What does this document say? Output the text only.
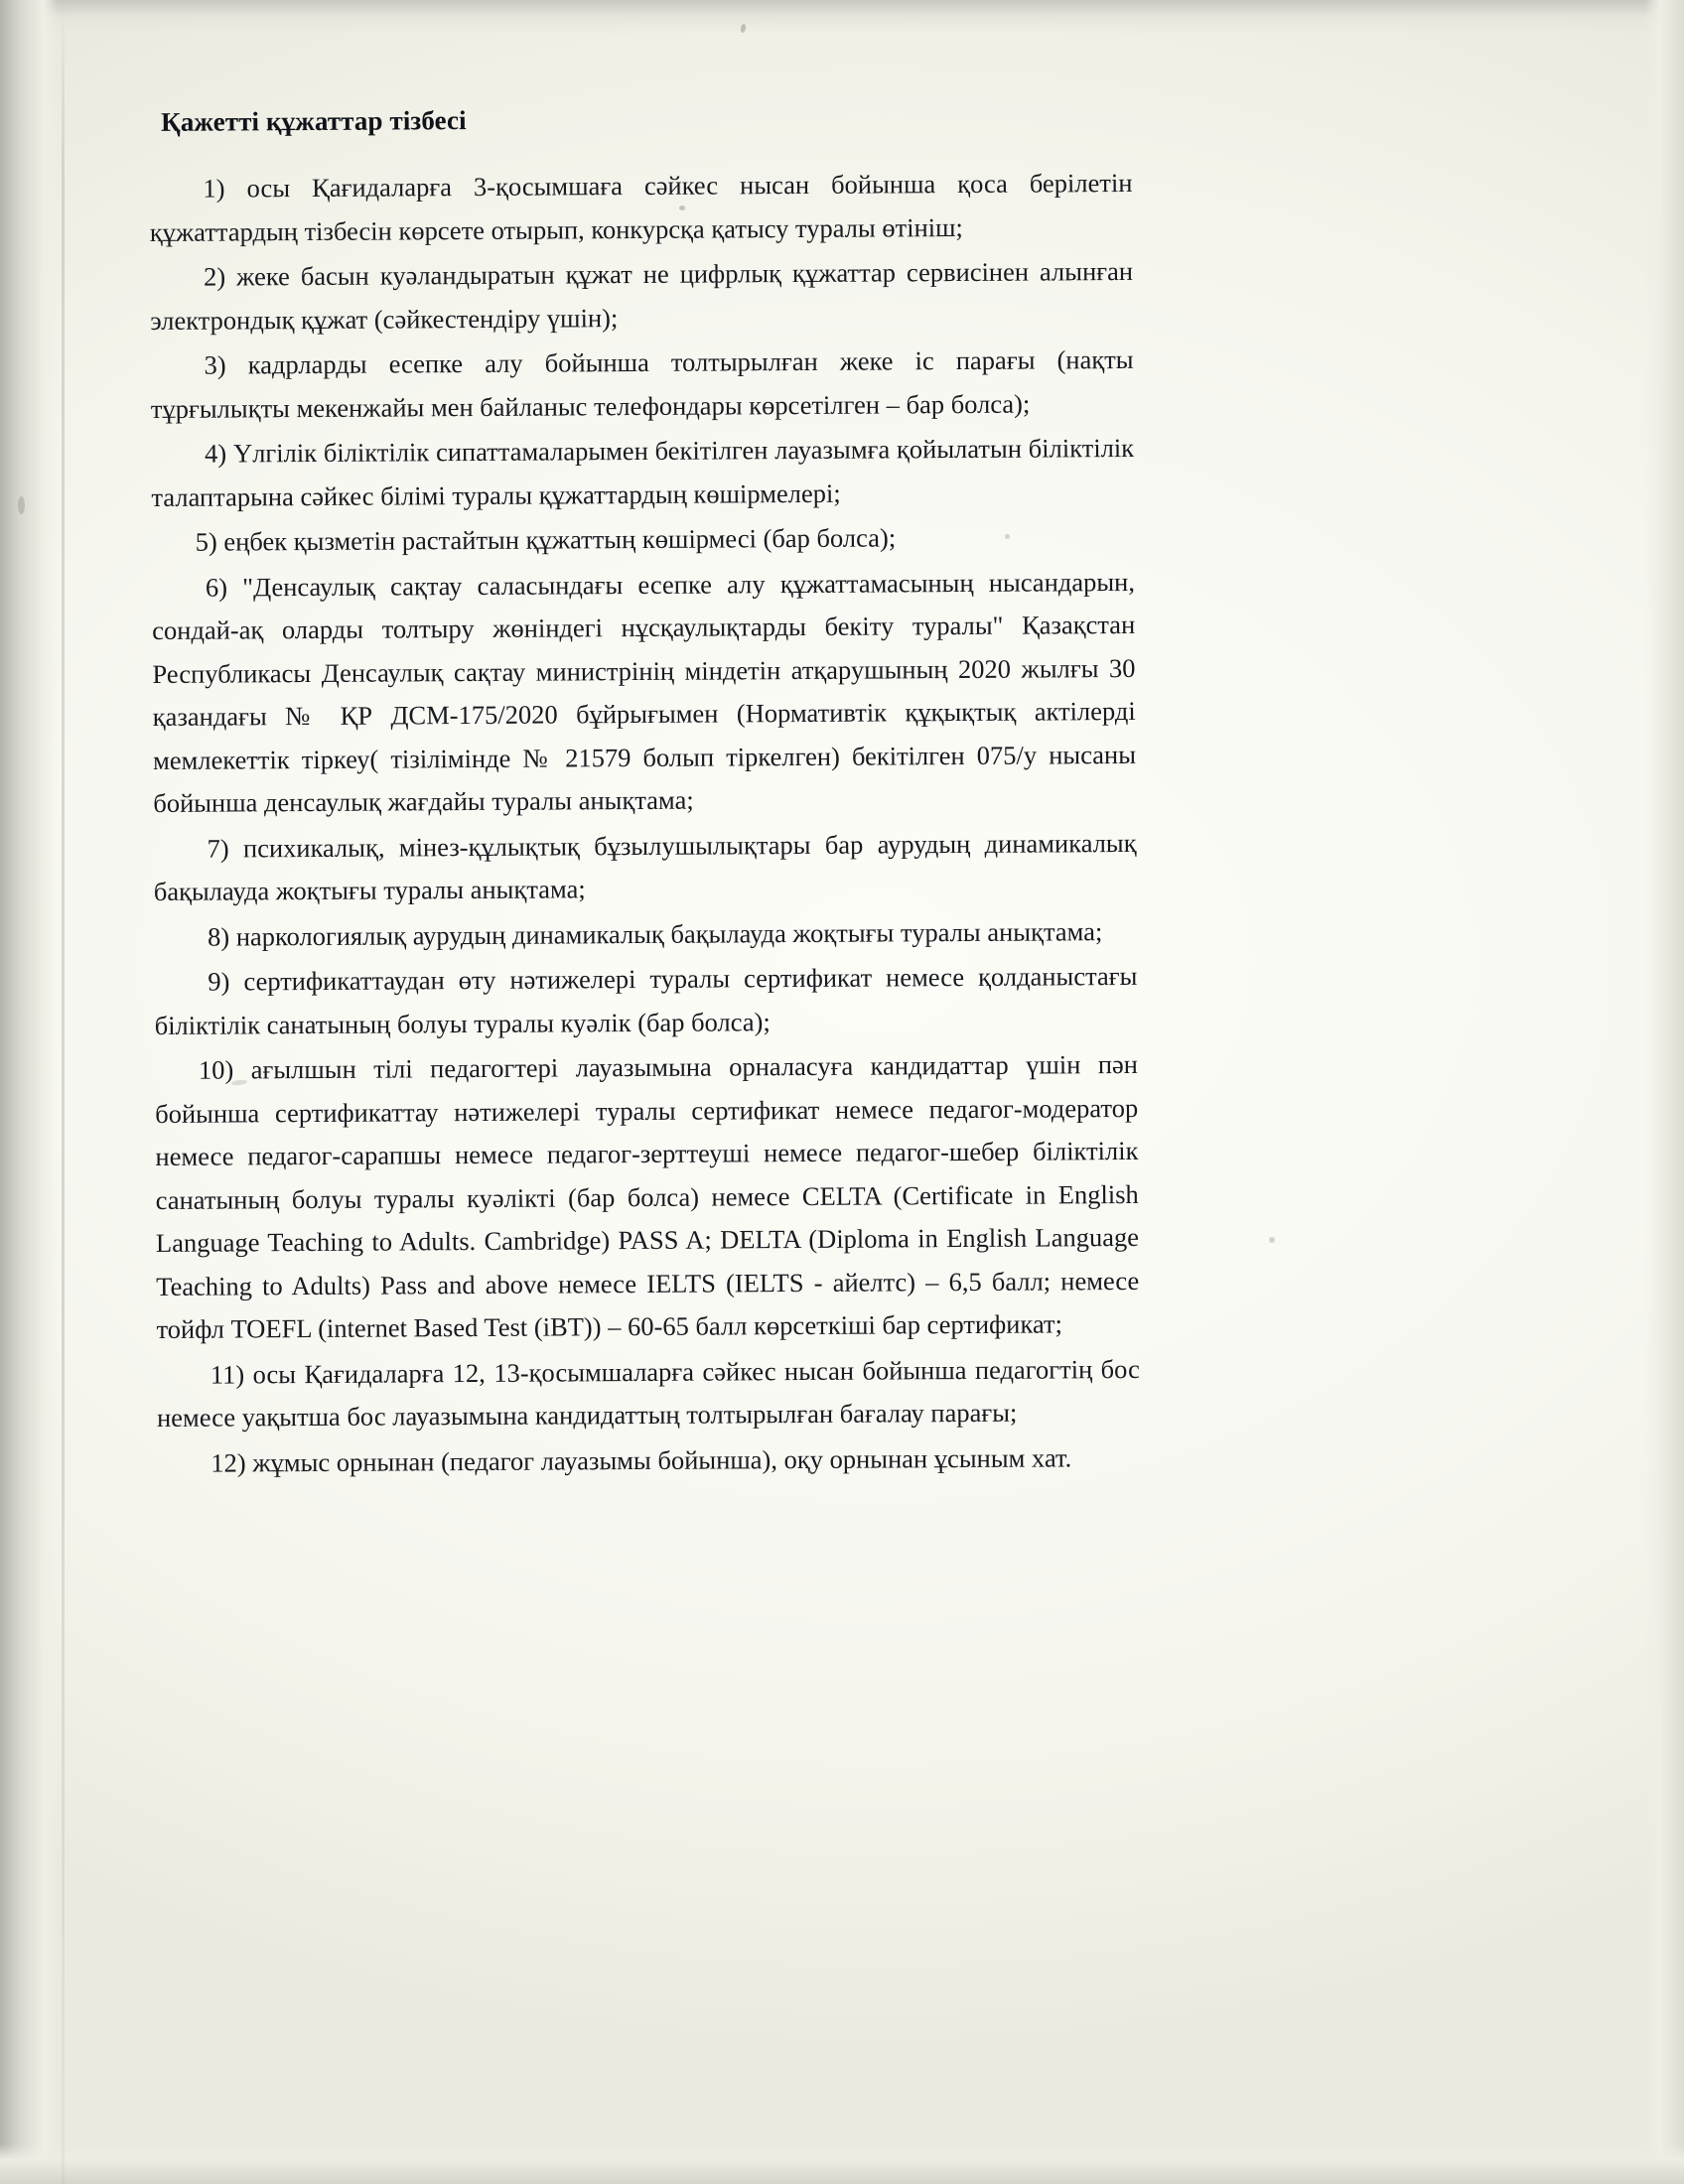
Қажетті құжаттар тізбесі

1) осы Қағидаларға 3-қосымшаға сәйкес нысан бойынша қоса берілетін құжаттардың тізбесін көрсете отырып, конкурсқа қатысу туралы өтініш;

2) жеке басын куәландыратын құжат не цифрлық құжаттар сервисінен алынған электрондық құжат (сәйкестендіру үшін);

3) кадрларды есепке алу бойынша толтырылған жеке іс парағы (нақты тұрғылықты мекенжайы мен байланыс телефондары көрсетілген – бар болса);

4) Үлгілік біліктілік сипаттамаларымен бекітілген лауазымға қойылатын біліктілік талаптарына сәйкес білімі туралы құжаттардың көшірмелері;

5) еңбек қызметін растайтын құжаттың көшірмесі (бар болса);

6) "Денсаулық сақтау саласындағы есепке алу құжаттамасының нысандарын, сондай-ақ оларды толтыру жөніндегі нұсқаулықтарды бекіту туралы" Қазақстан Республикасы Денсаулық сақтау министрінің міндетін атқарушының 2020 жылғы 30 қазандағы № ҚР ДСМ-175/2020 бұйрығымен (Нормативтік құқықтық актілерді мемлекеттік тіркеу( тізілімінде № 21579 болып тіркелген) бекітілген 075/у нысаны бойынша денсаулық жағдайы туралы анықтама;

7) психикалық, мінез-құлықтық бұзылушылықтары бар аурудың динамикалық бақылауда жоқтығы туралы анықтама;

8) наркологиялық аурудың динамикалық бақылауда жоқтығы туралы анықтама;

9) сертификаттаудан өту нәтижелері туралы сертификат немесе қолданыстағы біліктілік санатының болуы туралы куәлік (бар болса);

10) ағылшын тілі педагогтері лауазымына орналасуға кандидаттар үшін пән бойынша сертификаттау нәтижелері туралы сертификат немесе педагог-модератор немесе педагог-сарапшы немесе педагог-зерттеуші немесе педагог-шебер біліктілік санатының болуы туралы куәлікті (бар болса) немесе CELTA (Certificate in English Language Teaching to Adults. Cambridge) PASS A; DELTA (Diploma in English Language Teaching to Adults) Pass and above немесе IELTS (IELTS - айелтс) – 6,5 балл; немесе тойфл TOEFL (internet Based Test (iBT)) – 60-65 балл көрсеткіші бар сертификат;

11) осы Қағидаларға 12, 13-қосымшаларға сәйкес нысан бойынша педагогтің бос немесе уақытша бос лауазымына кандидаттың толтырылған бағалау парағы;

12) жұмыс орнынан (педагог лауазымы бойынша), оқу орнынан ұсыным хат.
